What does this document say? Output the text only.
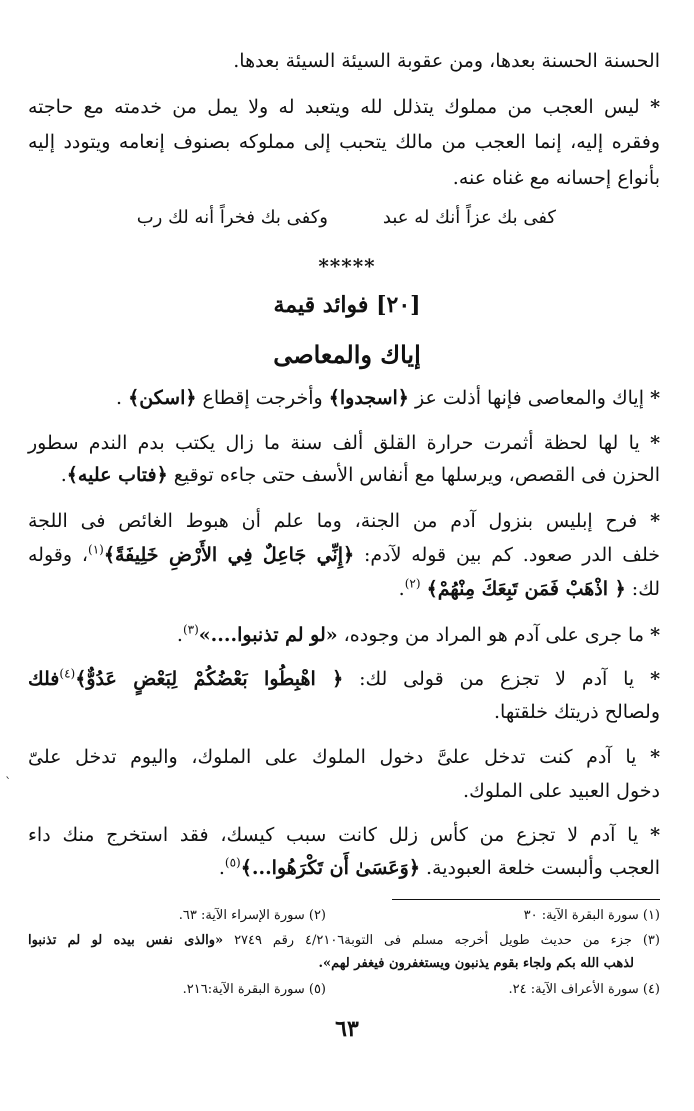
الحسنة الحسنة بعدها، ومن عقوبة السيئة السيئة بعدها.
* ليس العجب من مملوك يتذلل لله ويتعبد له ولا يمل من خدمته مع حاجته
وفقره إليه، إنما العجب من مالك يتحبب إلى مملوكه بصنوف إنعامه ويتودد إليه
بأنواع إحسانه مع غناه عنه.
كفى بك عزاً أنك له عبد
وكفى بك فخراً أنه لك رب
*****
[٢٠] فوائد قيمة
إياك والمعاصى
* إياك والمعاصى فإنها أذلت عز ﴿اسجدوا﴾ وأخرجت إقطاع ﴿اسكن﴾ .
* يا لها لحظة أثمرت حرارة القلق ألف سنة ما زال يكتب بدم الندم سطور
الحزن فى القصص، ويرسلها مع أنفاس الأسف حتى جاءه توقيع ﴿فتاب عليه﴾.
* فرح إبليس بنزول آدم من الجنة، وما علم أن هبوط الغائص فى اللجة
خلف الدر صعود. كم بين قوله لآدم: ﴿إِنِّي جَاعِلٌ فِي الأَرْضِ خَلِيفَةً﴾$^{(١)}$، وقوله
لك: ﴿ اذْهَبْ فَمَن تَبِعَكَ مِنْهُمْ﴾ $^{(٢)}$.
* ما جرى على آدم هو المراد من وجوده، «لو لم تذنبوا....»$^{(٣)}$.
* يا آدم لا تجزع من قولى لك: ﴿ اهْبِطُوا بَعْضُكُمْ لِبَعْضٍ عَدُوٌّ﴾$^{(٤)}$فلك
ولصالح ذريتك خلقتها.
* يا آدم كنت تدخل علىَّ دخول الملوك على الملوك، واليوم تدخل علىّ
دخول العبيد على الملوك.
* يا آدم لا تجزع من كأس زلل كانت سبب كيسك، فقد استخرج منك داء
العجب وألبست خلعة العبودية. ﴿وَعَسَىٰ أَن تَكْرَهُوا...﴾$^{(٥)}$.
(١) سورة البقرة الآية: ٣٠
(٢) سورة الإسراء الآية: ٦٣.
(٣) جزء من حديث طويل أخرجه مسلم فى التوبة٤/٢١٠٦ رقم ٢٧٤٩ «والذى نفس بيده لو لم تذنبوا
لذهب الله بكم ولجاء بقوم يذنبون ويستغفرون فيغفر لهم».
(٤) سورة الأعراف الآية: ٢٤.
(٥) سورة البقرة الآية:٢١٦.
٦٣
`
